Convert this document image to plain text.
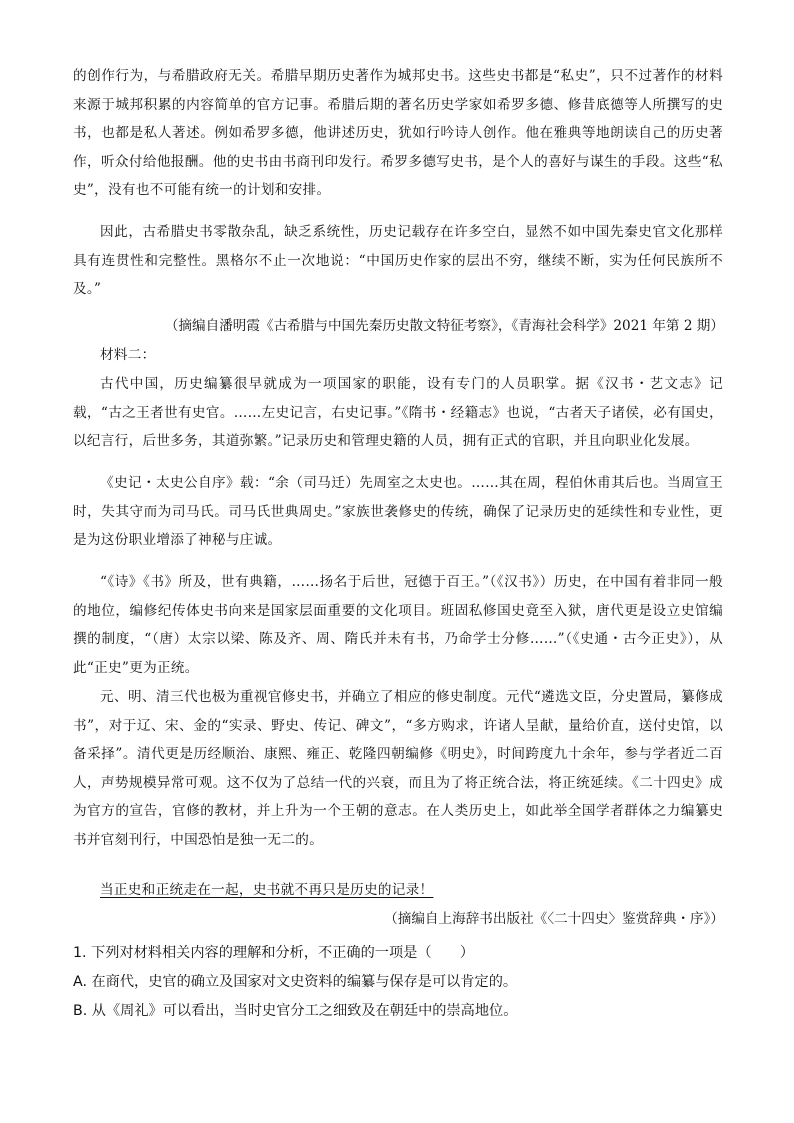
的创作行为，与希腊政府无关。希腊早期历史著作为城邦史书。这些史书都是“私史”，只不过著作的材料来源于城邦积累的内容简单的官方记事。希腊后期的著名历史学家如希罗多德、修昔底德等人所撰写的史书，也都是私人著述。例如希罗多德，他讲述历史，犹如行吟诗人创作。他在雅典等地朗读自己的历史著作，听众付给他报酬。他的史书由书商刊印发行。希罗多德写史书，是个人的喜好与谋生的手段。这些“私史”，没有也不可能有统一的计划和安排。

因此，古希腊史书零散杂乱，缺乏系统性，历史记载存在许多空白，显然不如中国先秦史官文化那样具有连贯性和完整性。黑格尔不止一次地说：“中国历史作家的层出不穷，继续不断，实为任何民族所不及。”

（摘编自潘明霞《古希腊与中国先秦历史散文特征考察》，《青海社会科学》2021 年第 2 期）

材料二：

古代中国，历史编纂很早就成为一项国家的职能，设有专门的人员职掌。据《汉书・艺文志》记载，“古之王者世有史官。……左史记言，右史记事。”《隋书・经籍志》也说，“古者天子诸侯，必有国史，以纪言行，后世多务，其道弥繁。”记录历史和管理史籍的人员，拥有正式的官职，并且向职业化发展。

《史记・太史公自序》载：“余（司马迁）先周室之太史也。……其在周，程伯休甫其后也。当周宣王时，失其守而为司马氏。司马氏世典周史。”家族世袭修史的传统，确保了记录历史的延续性和专业性，更是为这份职业增添了神秘与庄诚。

“《诗》《书》所及，世有典籍，……扬名于后世，冠德于百王。”（《汉书》）历史，在中国有着非同一般的地位，编修纪传体史书向来是国家层面重要的文化项目。班固私修国史竟至入狱，唐代更是设立史馆编撰的制度，“（唐）太宗以梁、陈及齐、周、隋氏并未有书，乃命学士分修……”（《史通・古今正史》），从此“正史”更为正统。

元、明、清三代也极为重视官修史书，并确立了相应的修史制度。元代“遴选文臣，分史置局，纂修成书”，对于辽、宋、金的“实录、野史、传记、碑文”，“多方购求，许诸人呈献，量给价直，送付史馆，以备采择”。清代更是历经顺治、康熙、雍正、乾隆四朝编修《明史》，时间跨度九十余年，参与学者近二百人，声势规模异常可观。这不仅为了总结一代的兴衰，而且为了将正统合法，将正统延续。《二十四史》成为官方的宣告，官修的教材，并上升为一个王朝的意志。在人类历史上，如此举全国学者群体之力编纂史书并官刻刊行，中国恐怕是独一无二的。

当正史和正统走在一起，史书就不再只是历史的记录！

（摘编自上海辞书出版社《〈二十四史〉鉴赏辞典・序》）

1. 下列对材料相关内容的理解和分析，不正确的一项是（　　）

A. 在商代，史官的确立及国家对文史资料的编纂与保存是可以肯定的。

B. 从《周礼》可以看出，当时史官分工之细致及在朝廷中的崇高地位。
